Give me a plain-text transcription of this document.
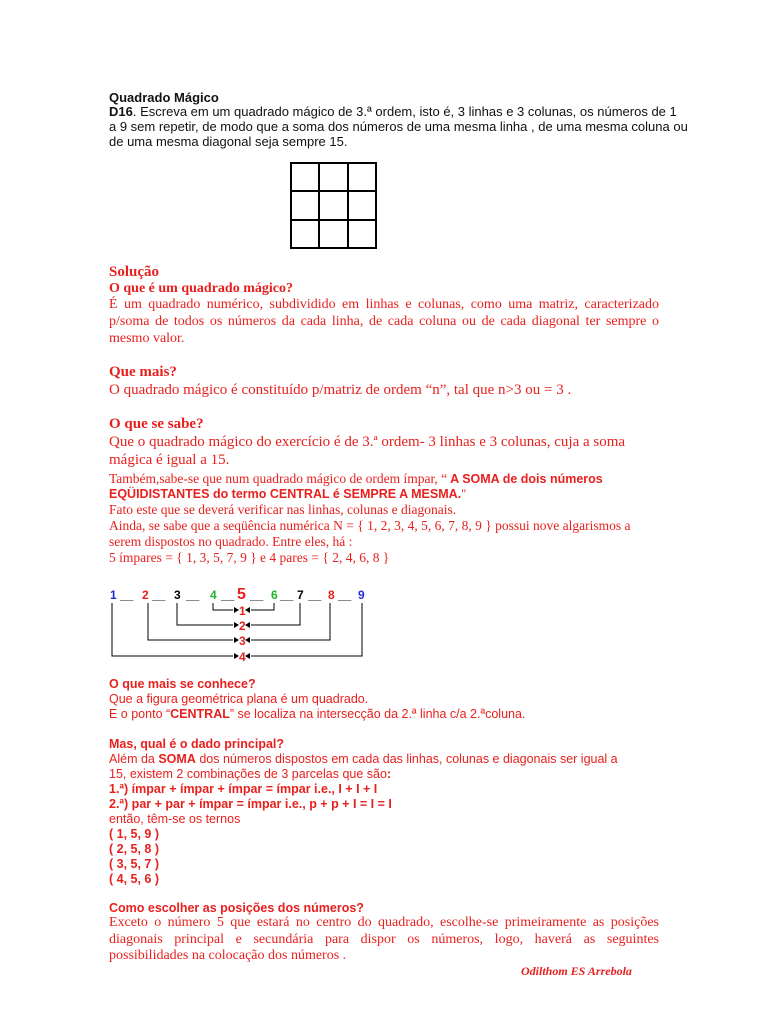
Quadrado Mágico

D16. Escreva em um quadrado mágico de 3.ª ordem, isto é, 3 linhas e 3 colunas, os números de 1

a 9 sem repetir, de modo que a soma dos números de uma mesma linha , de uma mesma coluna ou

de uma mesma diagonal seja sempre 15.

Solução

O que é um quadrado mágico?

É um quadrado numérico, subdividido em linhas e colunas, como uma matriz, caracterizado

p/soma de todos os números da cada linha, de cada coluna ou de cada diagonal ter sempre o

mesmo valor.

Que mais?

O quadrado mágico é constituído p/matriz de ordem “n”, tal que n>3 ou = 3 .

O que se sabe?

Que o quadrado mágico do exercício é de 3.ª ordem- 3 linhas e 3 colunas, cuja a soma

mágica é igual a 15.

Também,sabe-se que num quadrado mágico de ordem ímpar, “ A SOMA de dois números

EQÜIDISTANTES do termo CENTRAL é SEMPRE A MESMA."

Fato este que se deverá verificar nas linhas, colunas e diagonais.

Ainda, se sabe que a seqüência numérica N = { 1, 2, 3, 4, 5, 6, 7, 8, 9 } possui nove algarismos a

serem dispostos no quadrado. Entre eles, há :

5 ímpares = { 1, 3, 5, 7, 9 } e 4 pares = { 2, 4, 6, 8 }

1 __ 2 __ 3 __ 4 __ 5 __ 6 __ 7 __ 8 __ 9
1
2
3
4

O que mais se conhece?

Que a figura geométrica plana é um quadrado.

E o ponto “CENTRAL” se localiza na intersecção da 2.ª linha c/a 2.ªcoluna.

Mas, qual é o dado principal?

Além da SOMA dos números dispostos em cada das linhas, colunas e diagonais ser igual a

15, existem 2 combinações de 3 parcelas que são:

1.ª) ímpar + ímpar + ímpar = ímpar i.e., I + I + I

2.ª) par + par + ímpar = ímpar i.e., p + p + I = I = I

então, têm-se os ternos

( 1, 5, 9 )

( 2, 5, 8 )

( 3, 5, 7 )

( 4, 5, 6 )

Como escolher as posições dos números?

Exceto o número 5 que estará no centro do quadrado, escolhe-se primeiramente as posições

diagonais principal e secundária para dispor os números, logo, haverá as seguintes

possibilidades na colocação dos números .

Odilthom ES Arrebola
